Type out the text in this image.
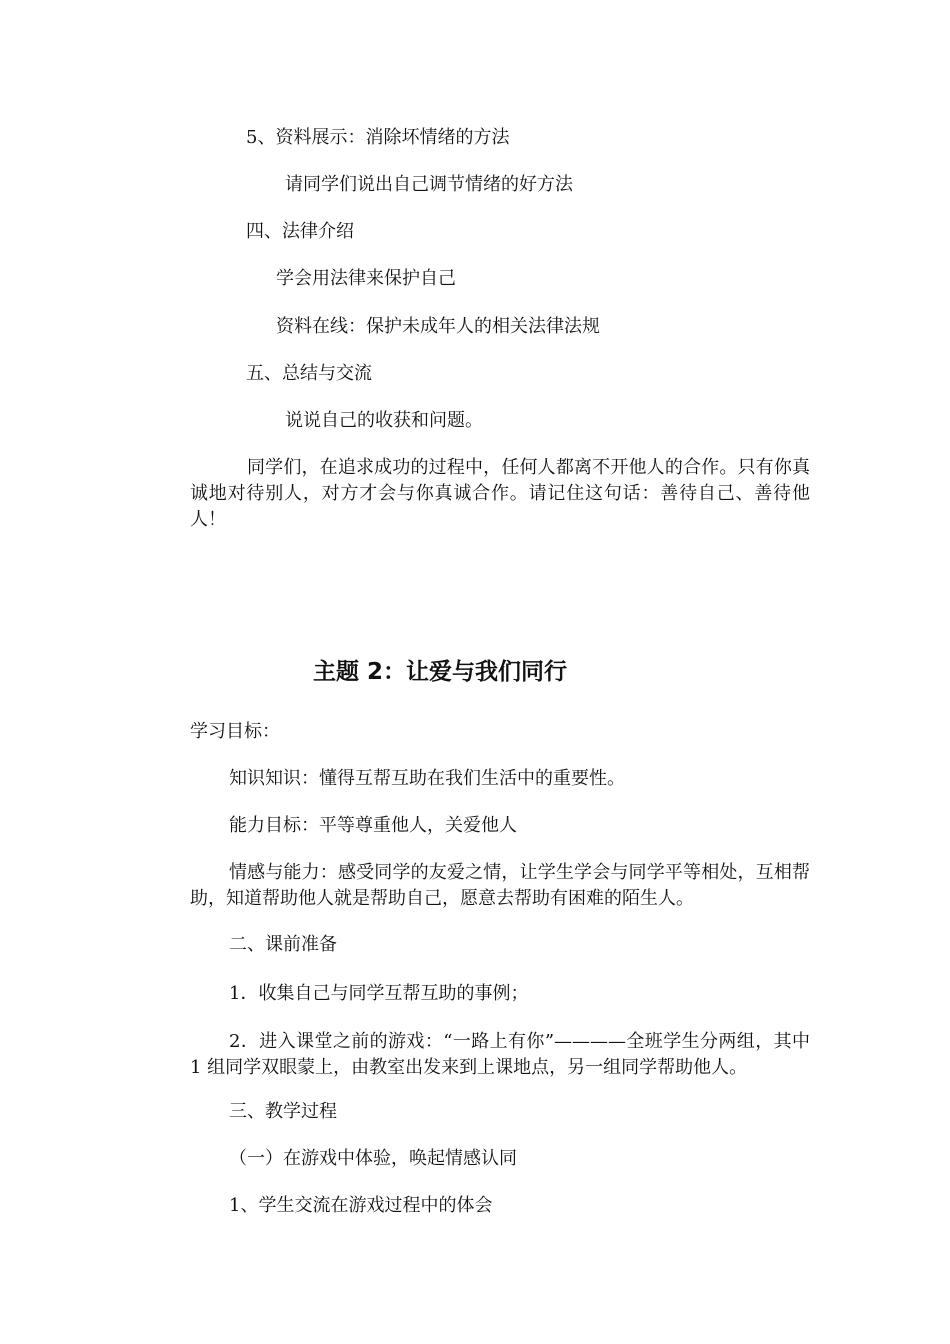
5、资料展示：消除坏情绪的方法
请同学们说出自己调节情绪的好方法
四、法律介绍
学会用法律来保护自己
资料在线：保护未成年人的相关法律法规
五、总结与交流
说说自己的收获和问题。
同学们，在追求成功的过程中，任何人都离不开他人的合作。只有你真诚地对待别人，对方才会与你真诚合作。请记住这句话：善待自己、善待他人！
主题 2：让爱与我们同行
学习目标：
知识知识：懂得互帮互助在我们生活中的重要性。
能力目标：平等尊重他人，关爱他人
情感与能力：感受同学的友爱之情，让学生学会与同学平等相处，互相帮助，知道帮助他人就是帮助自己，愿意去帮助有困难的陌生人。
二、课前准备
1．收集自己与同学互帮互助的事例；
2．进入课堂之前的游戏：“一路上有你”————全班学生分两组，其中 1 组同学双眼蒙上，由教室出发来到上课地点，另一组同学帮助他人。
三、教学过程
（一）在游戏中体验，唤起情感认同
1、学生交流在游戏过程中的体会
